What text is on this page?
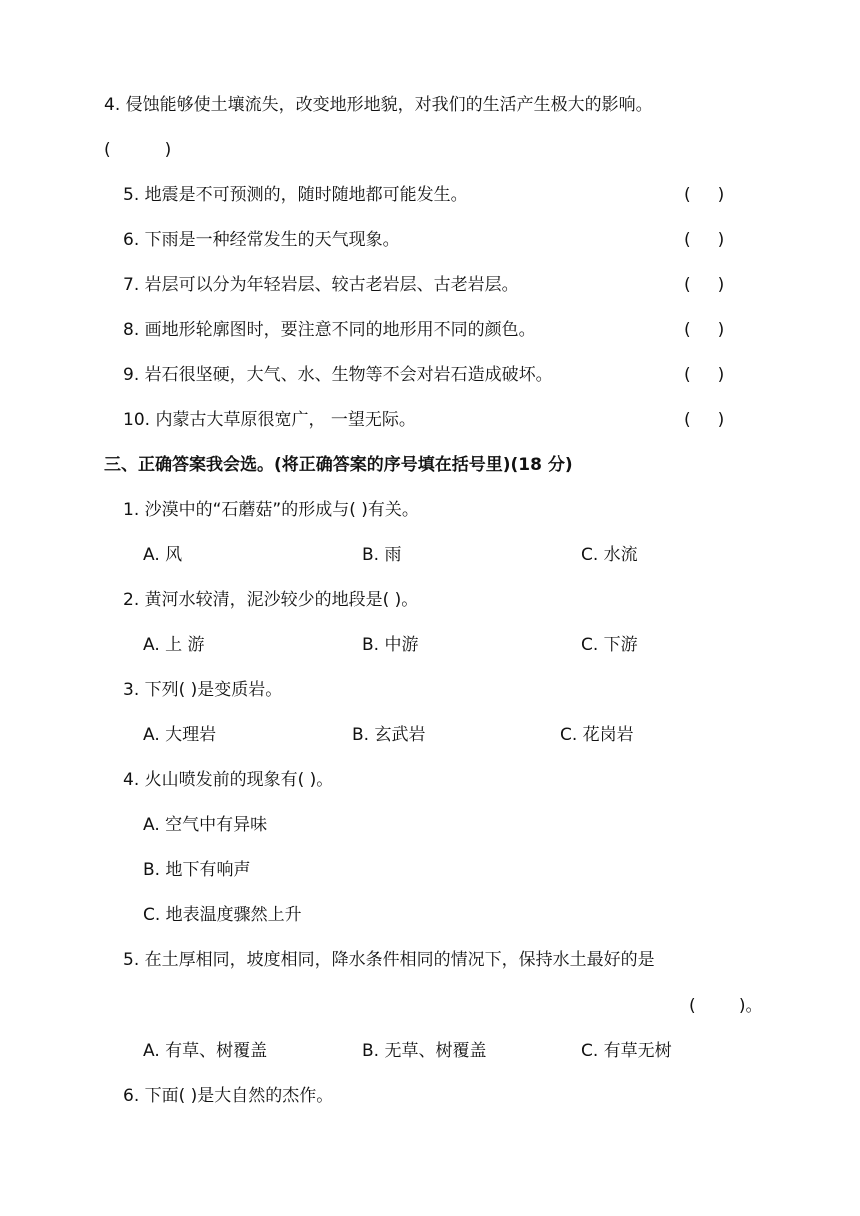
4. 侵蚀能够使土壤流失，改变地形地貌，对我们的生活产生极大的影响。
(          )
5. 地震是不可预测的，随时随地都可能发生。	(     )
6. 下雨是一种经常发生的天气现象。	(     )
7. 岩层可以分为年轻岩层、较古老岩层、古老岩层。	(     )
8. 画地形轮廓图时，要注意不同的地形用不同的颜色。	(     )
9. 岩石很坚硬，大气、水、生物等不会对岩石造成破坏。	(     )
10. 内蒙古大草原很宽广， 一望无际。	(     )
三、正确答案我会选。(将正确答案的序号填在括号里)(18 分)
1. 沙漠中的“石蘑菇”的形成与( )有关。
A. 风	B. 雨	C. 水流
2. 黄河水较清，泥沙较少的地段是( )。
A. 上 游	B. 中游	C. 下游
3. 下列( )是变质岩。
A. 大理岩	B. 玄武岩	C. 花岗岩
4. 火山喷发前的现象有( )。
A. 空气中有异味
B. 地下有响声
C. 地表温度骤然上升
5. 在土厚相同，坡度相同，降水条件相同的情况下，保持水土最好的是
(        )。
A. 有草、树覆盖	B. 无草、树覆盖	C. 有草无树
6. 下面( )是大自然的杰作。
